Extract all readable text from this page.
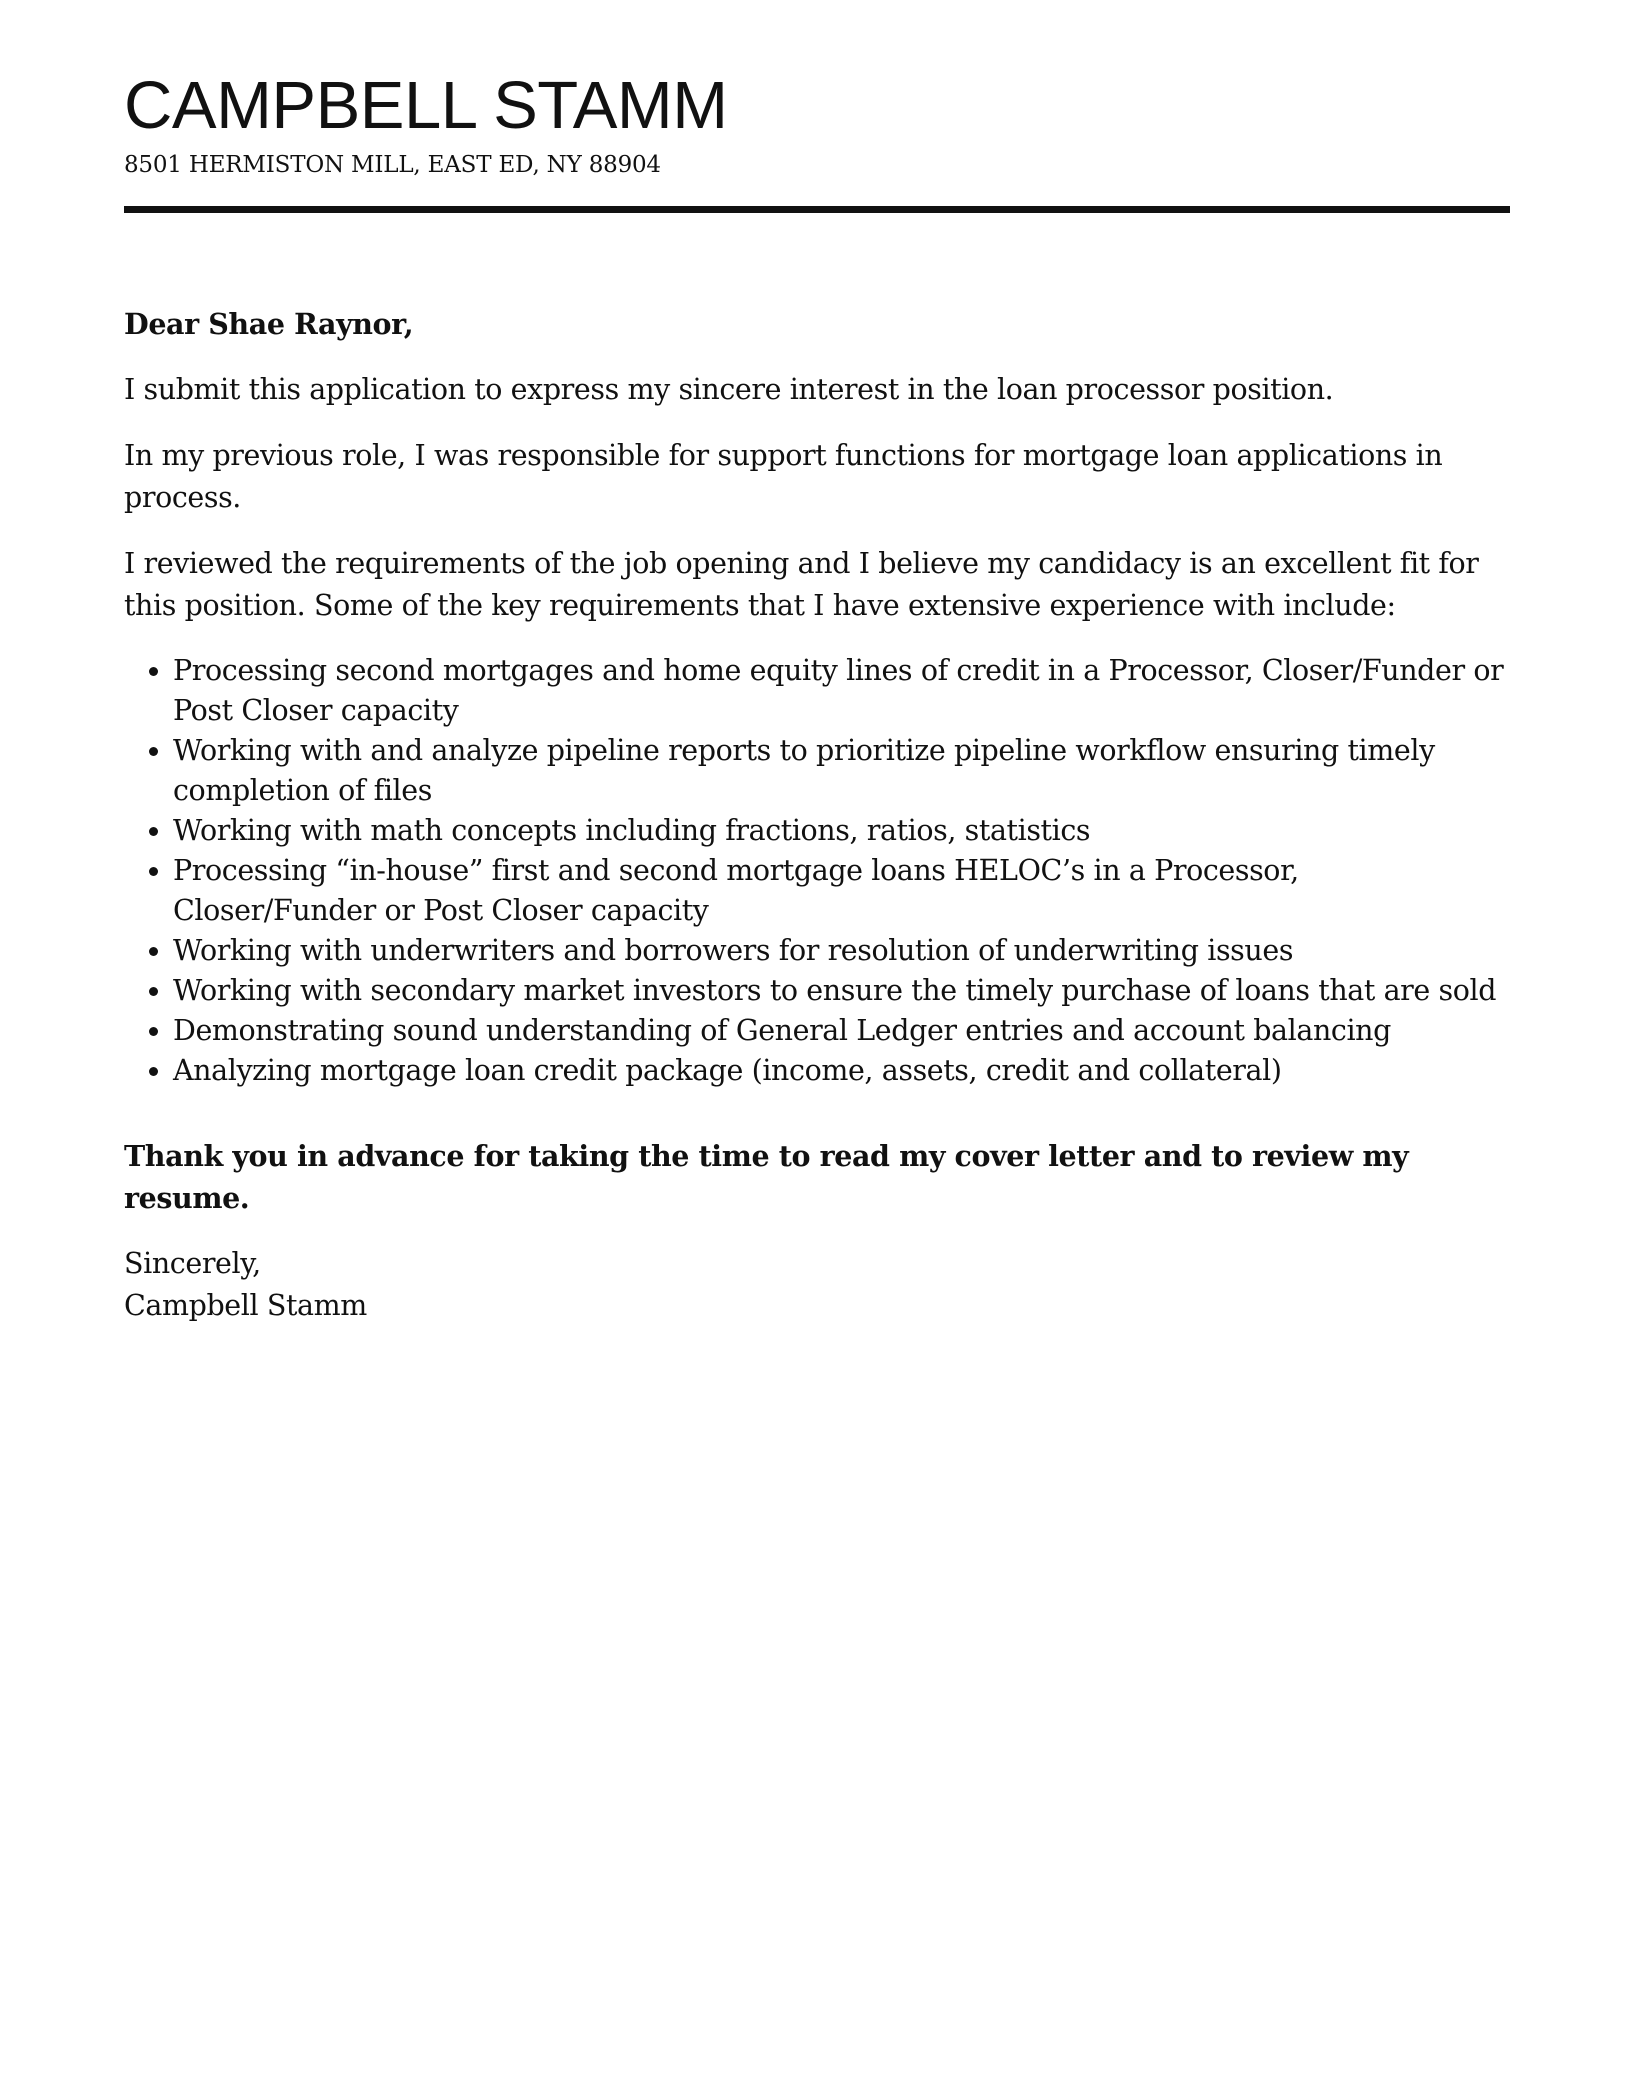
CAMPBELL STAMM

8501 HERMISTON MILL, EAST ED, NY 88904

Dear Shae Raynor,

I submit this application to express my sincere interest in the loan processor position.

In my previous role, I was responsible for support functions for mortgage loan applications in process.

I reviewed the requirements of the job opening and I believe my candidacy is an excellent fit for this position. Some of the key requirements that I have extensive experience with include:

• Processing second mortgages and home equity lines of credit in a Processor, Closer/Funder or Post Closer capacity
• Working with and analyze pipeline reports to prioritize pipeline workflow ensuring timely completion of files
• Working with math concepts including fractions, ratios, statistics
• Processing “in-house” first and second mortgage loans HELOC’s in a Processor, Closer/Funder or Post Closer capacity
• Working with underwriters and borrowers for resolution of underwriting issues
• Working with secondary market investors to ensure the timely purchase of loans that are sold
• Demonstrating sound understanding of General Ledger entries and account balancing
• Analyzing mortgage loan credit package (income, assets, credit and collateral)

Thank you in advance for taking the time to read my cover letter and to review my resume.

Sincerely,

Campbell Stamm
